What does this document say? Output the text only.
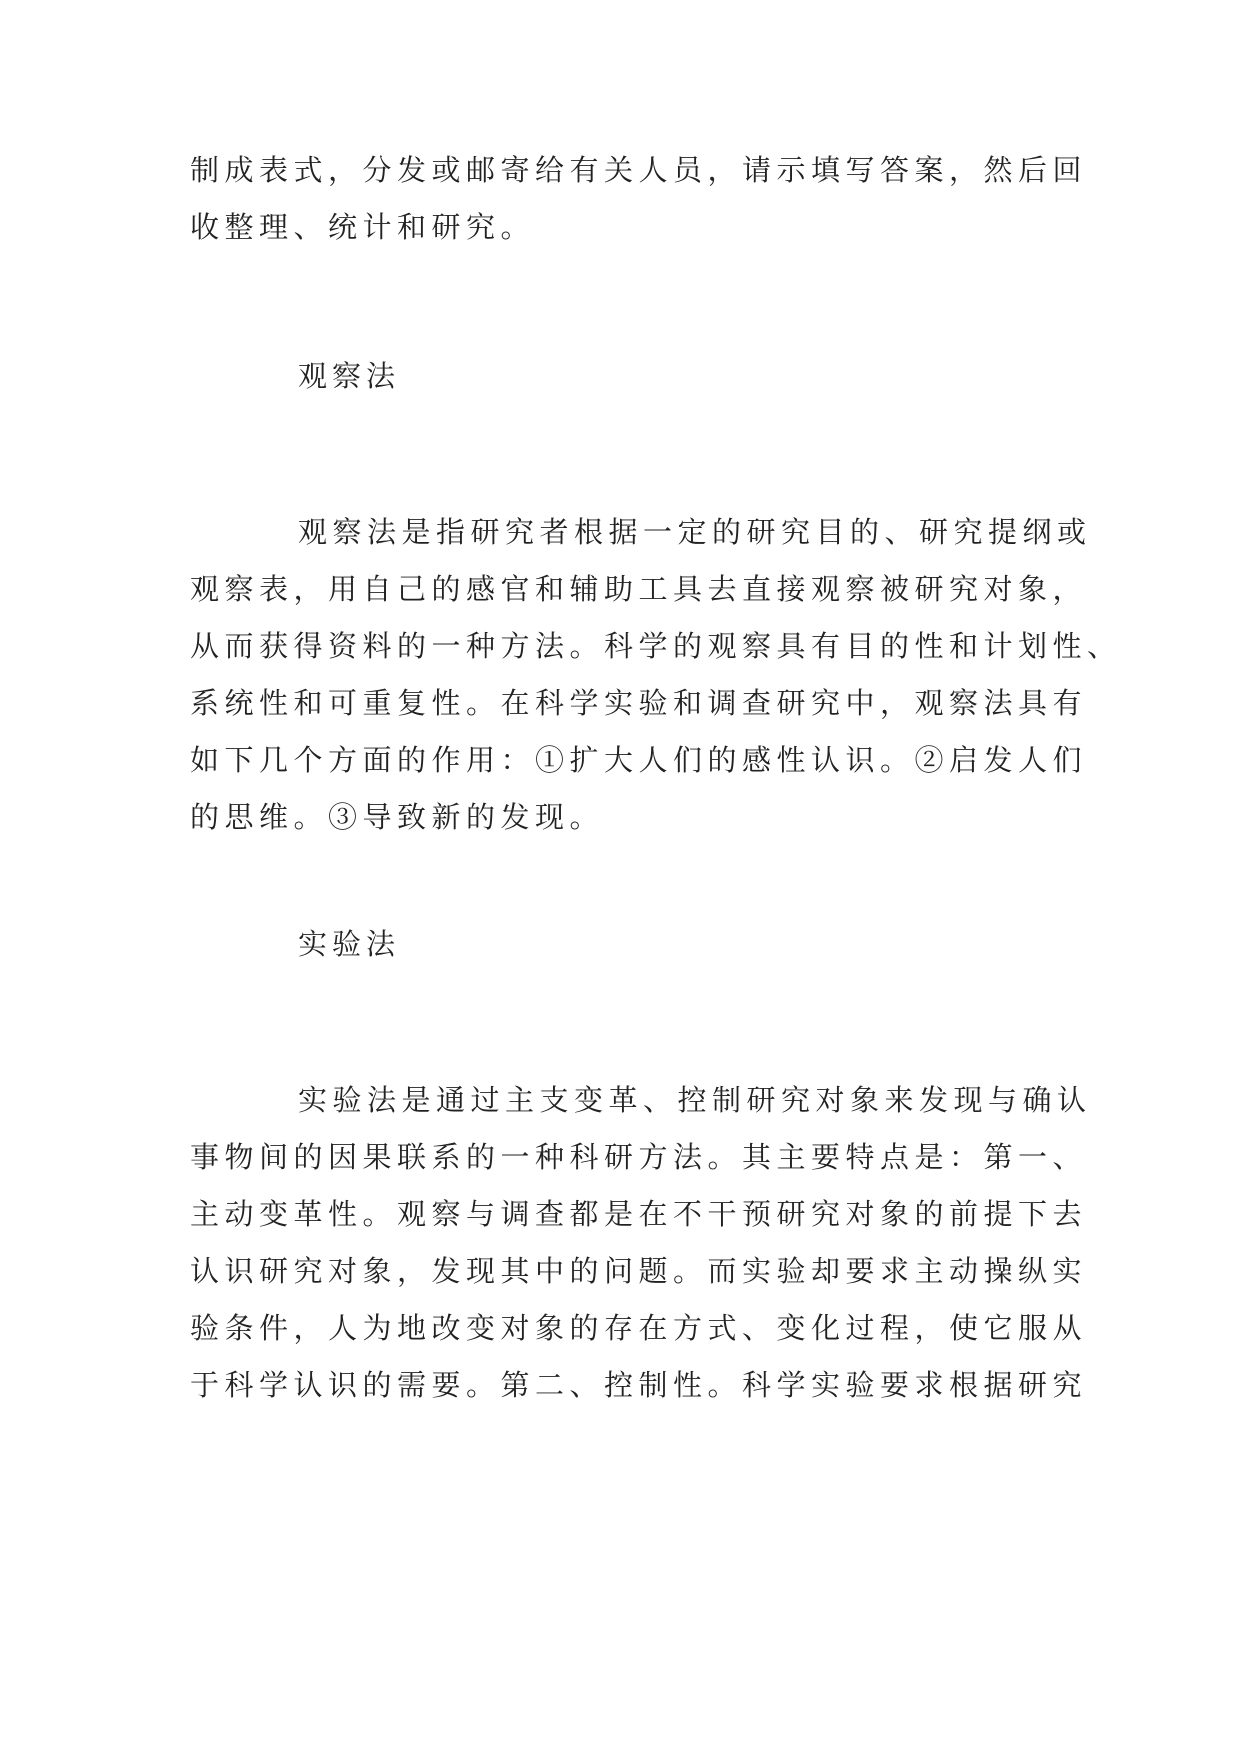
制成表式，分发或邮寄给有关人员，请示填写答案，然后回
收整理、统计和研究。
观察法
观察法是指研究者根据一定的研究目的、研究提纲或
观察表，用自己的感官和辅助工具去直接观察被研究对象，
从而获得资料的一种方法。科学的观察具有目的性和计划性、
系统性和可重复性。在科学实验和调查研究中，观察法具有
如下几个方面的作用：①扩大人们的感性认识。②启发人们
的思维。③导致新的发现。
实验法
实验法是通过主支变革、控制研究对象来发现与确认
事物间的因果联系的一种科研方法。其主要特点是：第一、
主动变革性。观察与调查都是在不干预研究对象的前提下去
认识研究对象，发现其中的问题。而实验却要求主动操纵实
验条件，人为地改变对象的存在方式、变化过程，使它服从
于科学认识的需要。第二、控制性。科学实验要求根据研究
